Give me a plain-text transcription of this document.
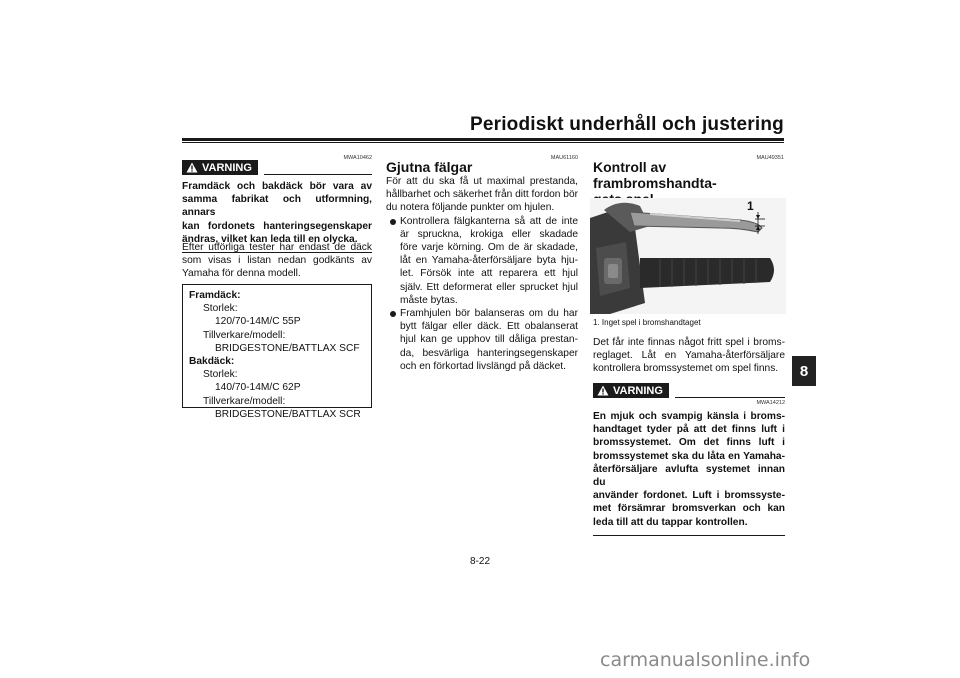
Periodiskt underhåll och justering
8
MWA10462
VARNING
Framdäck och bakdäck bör vara av
samma fabrikat och utformning, annars
kan fordonets hanteringsegenskaper
ändras, vilket kan leda till en olycka.
Efter utförliga tester har endast de däck
som visas i listan nedan godkänts av
Yamaha för denna modell.
Framdäck:
Storlek:
120/70-14M/C 55P
Tillverkare/modell:
BRIDGESTONE/BATTLAX SCF
Bakdäck:
Storlek:
140/70-14M/C 62P
Tillverkare/modell:
BRIDGESTONE/BATTLAX SCR
MAU61160
Gjutna fälgar
För att du ska få ut maximal prestanda,
hållbarhet och säkerhet från ditt fordon bör
du notera följande punkter om hjulen.
Kontrollera fälgkanterna så att de inte
är spruckna, krokiga eller skadade
före varje körning. Om de är skadade,
låt en Yamaha-återförsäljare byta hju-
let. Försök inte att reparera ett hjul
själv. Ett deformerat eller sprucket hjul
måste bytas.
Framhjulen bör balanseras om du har
bytt fälgar eller däck. Ett obalanserat
hjul kan ge upphov till dåliga prestan-
da, besvärliga hanteringsegenskaper
och en förkortad livslängd på däcket.
MAU49351
Kontroll av frambromshandta-
1
1. Inget spel i bromshandtaget
Det får inte finnas något fritt spel i broms-
reglaget. Låt en Yamaha-återförsäljare
kontrollera bromssystemet om spel finns.
VARNING
MWA14212
En mjuk och svampig känsla i broms-
handtaget tyder på att det finns luft i
bromssystemet. Om det finns luft i
bromssystemet ska du låta en Yamaha-
återförsäljare avlufta systemet innan du
använder fordonet. Luft i bromssyste-
met försämrar bromsverkan och kan
leda till att du tappar kontrollen.
8-22
carmanualsonline.info
